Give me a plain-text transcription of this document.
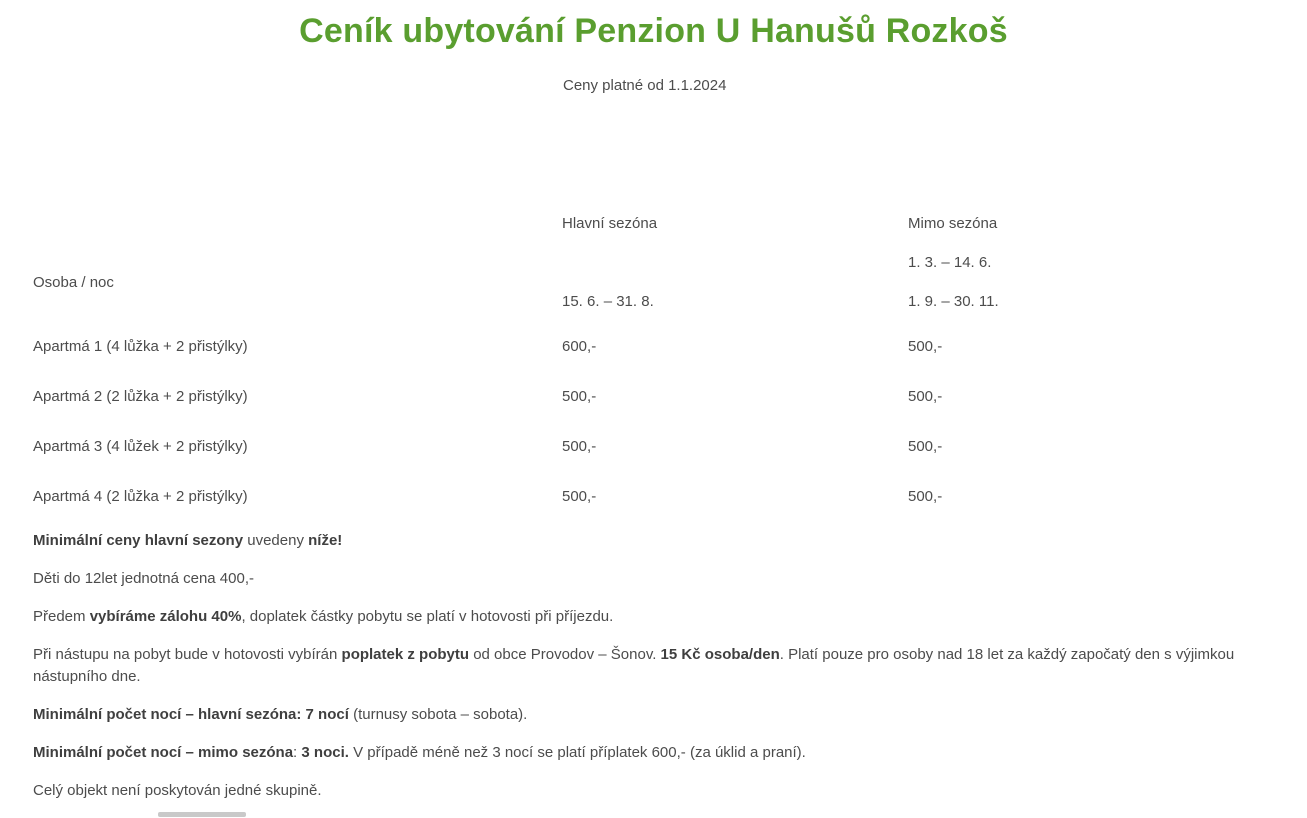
Ceník ubytování Penzion U Hanušů Rozkoš
Ceny platné od 1.1.2024
	Hlavní sezóna	Mimo sezóna
Osoba / noc		1. 3. – 14. 6.
	15. 6. – 31. 8.	1. 9. – 30. 11.
Apartmá 1 (4 lůžka + 2 přistýlky)	600,-	500,-
Apartmá 2 (2 lůžka + 2 přistýlky)	500,-	500,-
Apartmá 3 (4 lůžek + 2 přistýlky)	500,-	500,-
Apartmá 4 (2 lůžka + 2 přistýlky)	500,-	500,-

Minimální ceny hlavní sezony uvedeny níže!

Děti do 12let jednotná cena 400,-

Předem vybíráme zálohu 40%, doplatek částky pobytu se platí v hotovosti při příjezdu.

Při nástupu na pobyt bude v hotovosti vybírán poplatek z pobytu od obce Provodov – Šonov. 15 Kč osoba/den. Platí pouze pro osoby nad 18 let za každý započatý den s výjimkou nástupního dne.

Minimální počet nocí – hlavní sezóna: 7 nocí (turnusy sobota – sobota).

Minimální počet nocí – mimo sezóna: 3 noci. V případě méně než 3 nocí se platí příplatek 600,- (za úklid a praní).

Celý objekt není poskytován jedné skupině.
